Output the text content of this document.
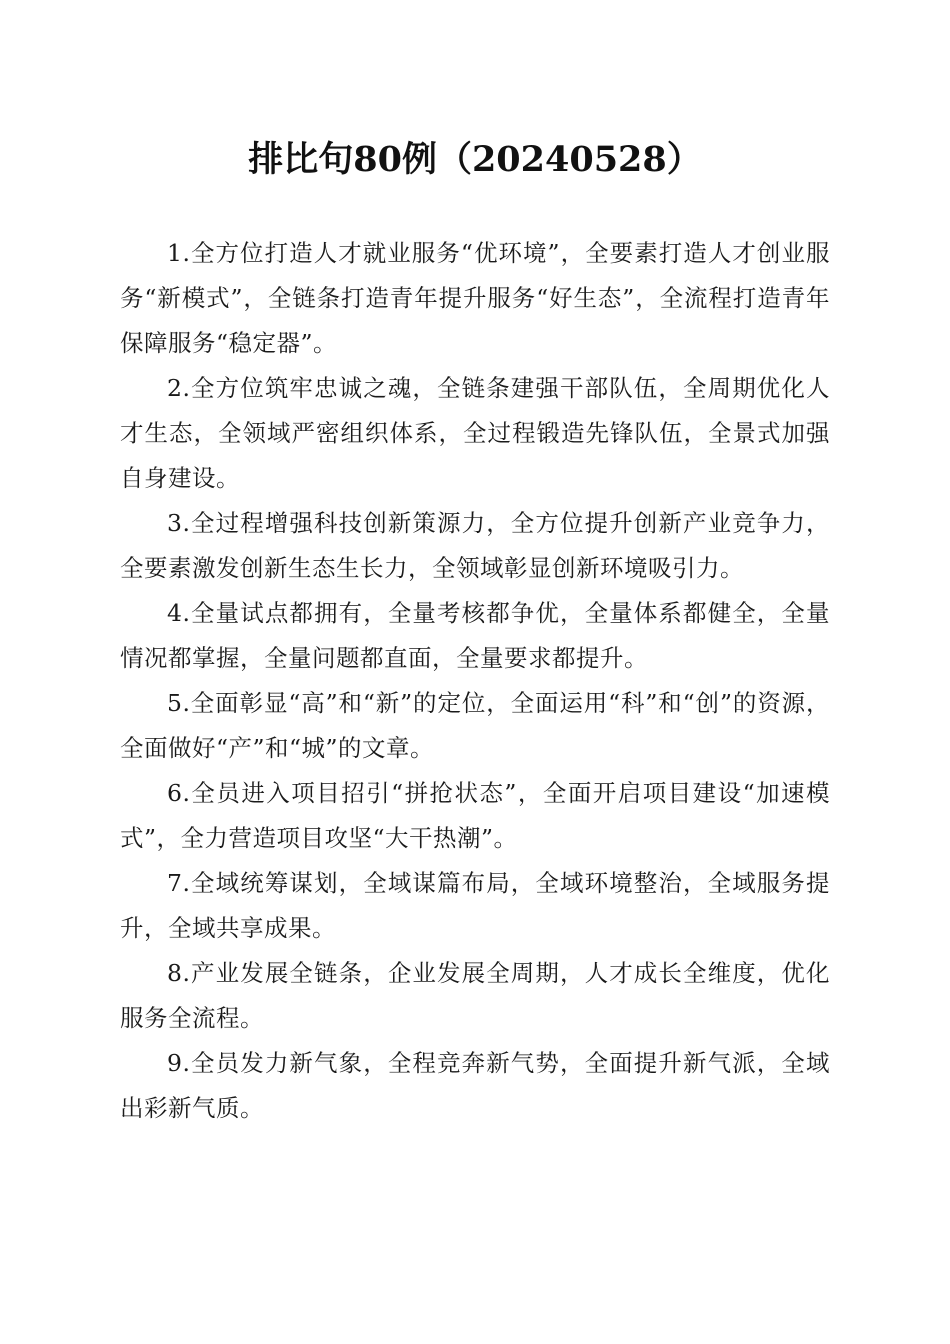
排比句80例（20240528）

1.全方位打造人才就业服务“优环境”，全要素打造人才创业服务“新模式”，全链条打造青年提升服务“好生态”，全流程打造青年保障服务“稳定器”。

2.全方位筑牢忠诚之魂，全链条建强干部队伍，全周期优化人才生态，全领域严密组织体系，全过程锻造先锋队伍，全景式加强自身建设。

3.全过程增强科技创新策源力，全方位提升创新产业竞争力，全要素激发创新生态生长力，全领域彰显创新环境吸引力。

4.全量试点都拥有，全量考核都争优，全量体系都健全，全量情况都掌握，全量问题都直面，全量要求都提升。

5.全面彰显“高”和“新”的定位，全面运用“科”和“创”的资源，全面做好“产”和“城”的文章。

6.全员进入项目招引“拼抢状态”，全面开启项目建设“加速模式”，全力营造项目攻坚“大干热潮”。

7.全域统筹谋划，全域谋篇布局，全域环境整治，全域服务提升，全域共享成果。

8.产业发展全链条，企业发展全周期，人才成长全维度，优化服务全流程。

9.全员发力新气象，全程竞奔新气势，全面提升新气派，全域出彩新气质。
